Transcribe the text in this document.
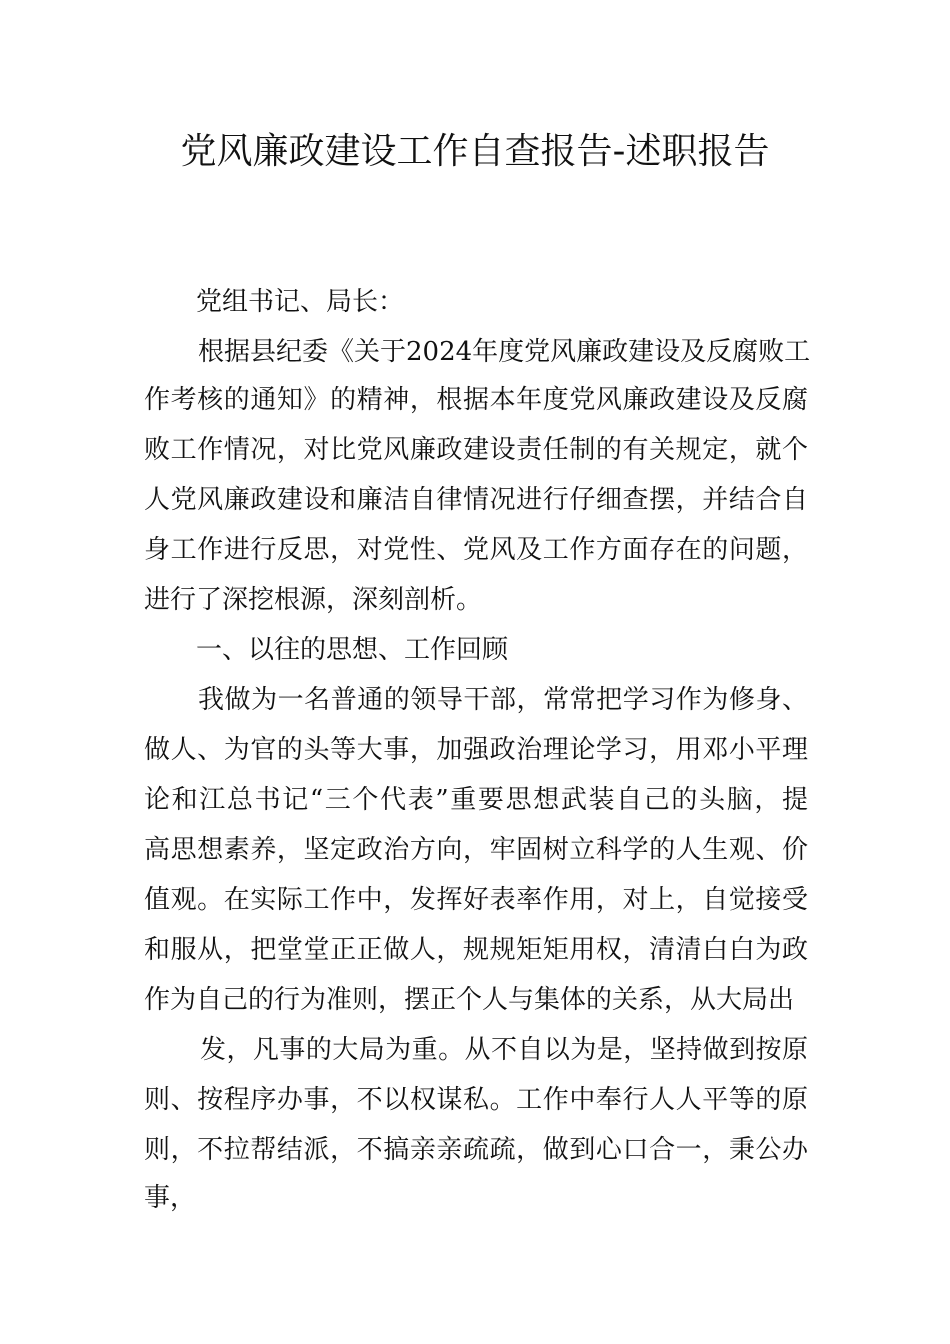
党风廉政建设工作自查报告-述职报告
党组书记、局长：
根据县纪委《关于2024年度党风廉政建设及反腐败工
作考核的通知》的精神，根据本年度党风廉政建设及反腐
败工作情况，对比党风廉政建设责任制的有关规定，就个
人党风廉政建设和廉洁自律情况进行仔细查摆，并结合自
身工作进行反思，对党性、党风及工作方面存在的问题，
进行了深挖根源，深刻剖析。
一、以往的思想、工作回顾
我做为一名普通的领导干部，常常把学习作为修身、
做人、为官的头等大事，加强政治理论学习，用邓小平理
论和江总书记“三个代表”重要思想武装自己的头脑，提
高思想素养，坚定政治方向，牢固树立科学的人生观、价
值观。在实际工作中，发挥好表率作用，对上，自觉接受
和服从，把堂堂正正做人，规规矩矩用权，清清白白为政
作为自己的行为准则，摆正个人与集体的关系，从大局出
发，凡事的大局为重。从不自以为是，坚持做到按原
则、按程序办事，不以权谋私。工作中奉行人人平等的原
则，不拉帮结派，不搞亲亲疏疏，做到心口合一，秉公办
事，
